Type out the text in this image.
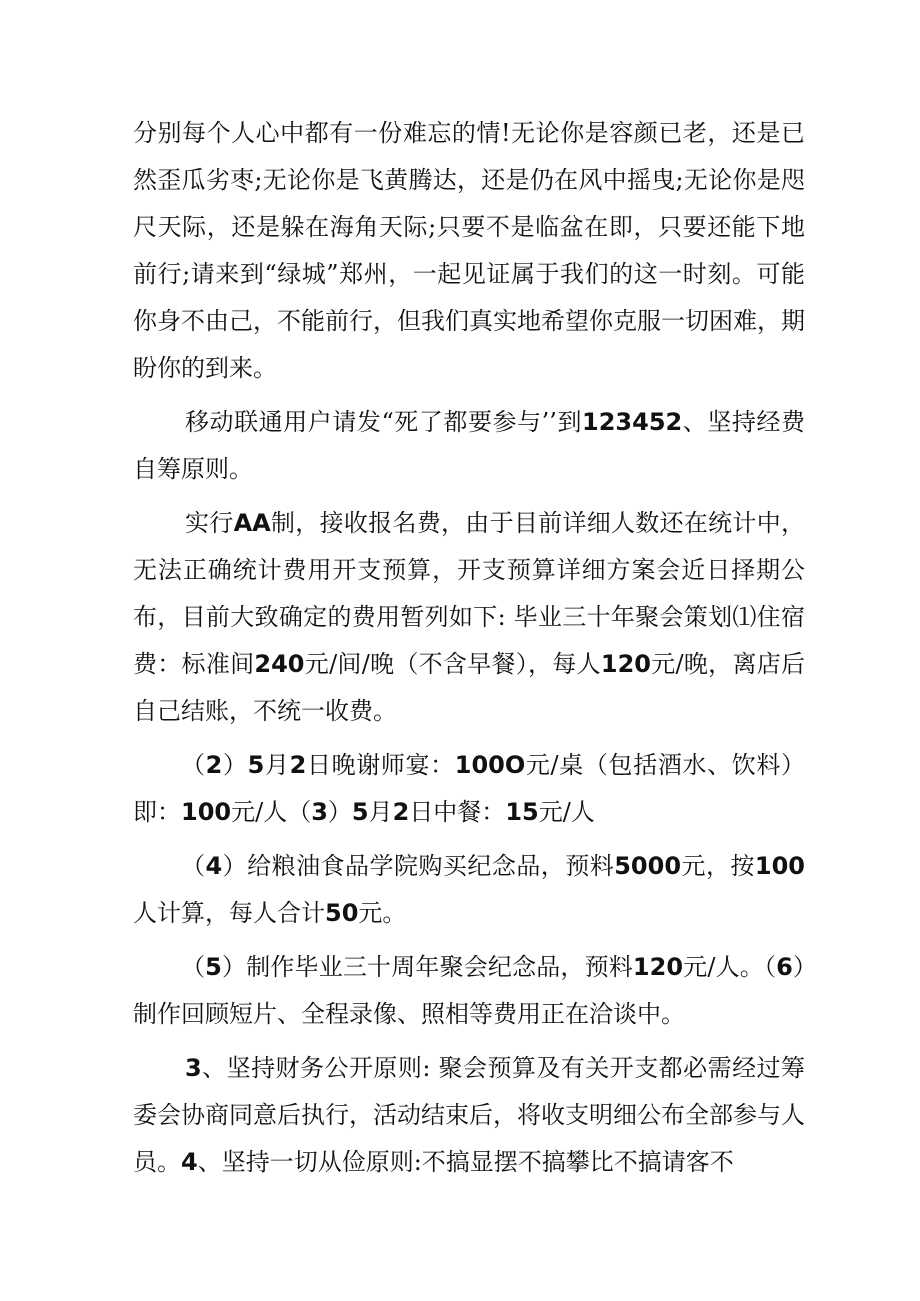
分别每个人心中都有一份难忘的情!无论你是容颜已老，还是已然歪瓜劣枣;无论你是飞黄腾达，还是仍在风中摇曳;无论你是咫尺天际，还是躲在海角天际;只要不是临盆在即，只要还能下地前行;请来到“绿城”郑州，一起见证属于我们的这一时刻。可能你身不由己，不能前行，但我们真实地希望你克服一切困难，期盼你的到来。

移动联通用户请发“死了都要参与’’到123452、坚持经费自筹原则。

实行AA制，接收报名费，由于目前详细人数还在统计中，无法正确统计费用开支预算，开支预算详细方案会近日择期公布，目前大致确定的费用暂列如下: 毕业三十年聚会策划⑴住宿费：标准间240元/间/晚（不含早餐），每人120元/晚，离店后自己结账，不统一收费。

（2）5月2日晚谢师宴：100O元/桌（包括酒水、饮料）即：100元/人（3）5月2日中餐：15元/人

（4）给粮油食品学院购买纪念品，预料5000元，按100人计算，每人合计50元。

（5）制作毕业三十周年聚会纪念品，预料120元/人。（6）制作回顾短片、全程录像、照相等费用正在洽谈中。

3、坚持财务公开原则: 聚会预算及有关开支都必需经过筹委会协商同意后执行，活动结束后，将收支明细公布全部参与人员。4、坚持一切从俭原则:不搞显摆不搞攀比不搞请客不
